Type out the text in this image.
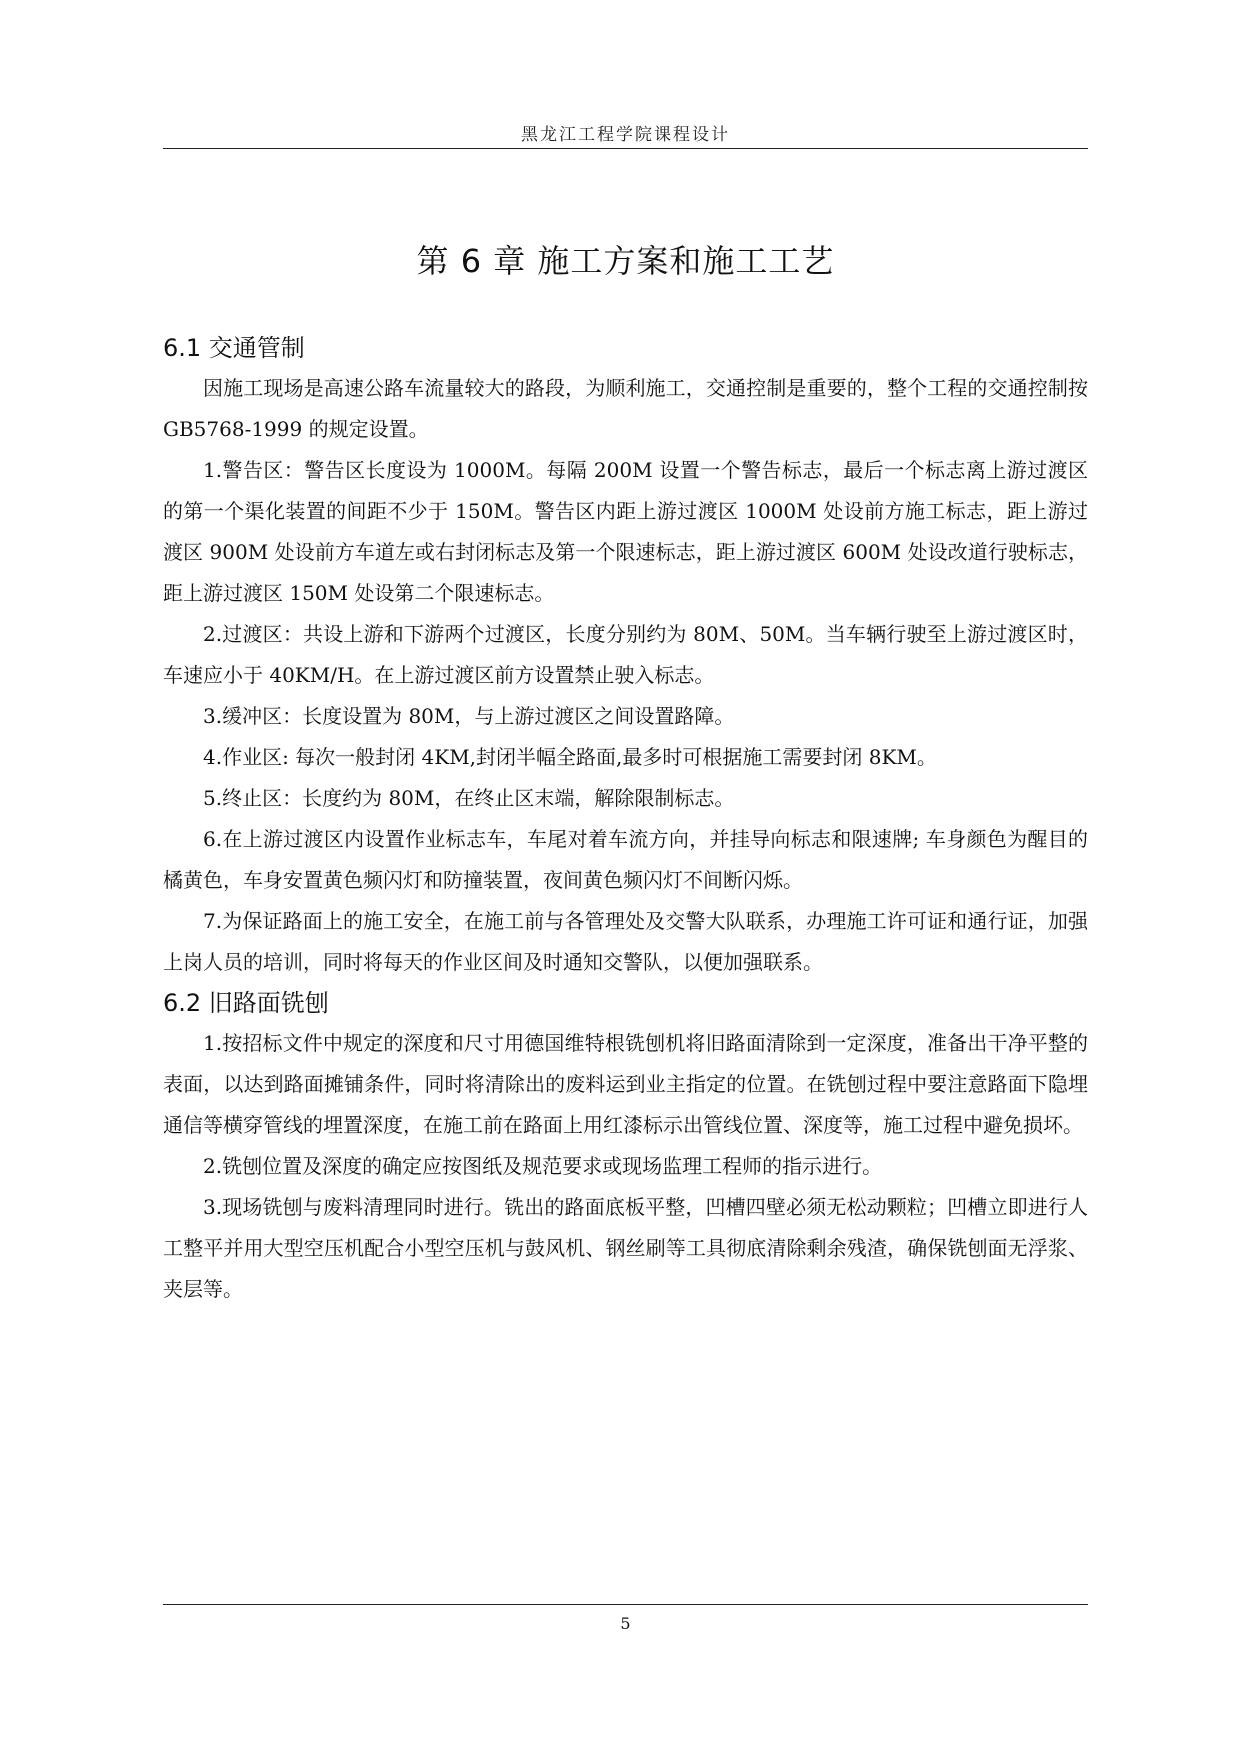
黑龙江工程学院课程设计
第 6 章 施工方案和施工工艺
6.1 交通管制

因施工现场是高速公路车流量较大的路段，为顺利施工，交通控制是重要的，整个工程的交通控制按 GB5768-1999 的规定设置。

1.警告区：警告区长度设为 1000M。每隔 200M 设置一个警告标志，最后一个标志离上游过渡区的第一个渠化装置的间距不少于 150M。警告区内距上游过渡区 1000M 处设前方施工标志，距上游过渡区 900M 处设前方车道左或右封闭标志及第一个限速标志，距上游过渡区 600M 处设改道行驶标志，距上游过渡区 150M 处设第二个限速标志。

2.过渡区：共设上游和下游两个过渡区，长度分别约为 80M、50M。当车辆行驶至上游过渡区时，车速应小于 40KM/H。在上游过渡区前方设置禁止驶入标志。

3.缓冲区：长度设置为 80M，与上游过渡区之间设置路障。

4.作业区: 每次一般封闭 4KM,封闭半幅全路面,最多时可根据施工需要封闭 8KM。

5.终止区：长度约为 80M，在终止区末端，解除限制标志。

6.在上游过渡区内设置作业标志车，车尾对着车流方向，并挂导向标志和限速牌; 车身颜色为醒目的橘黄色，车身安置黄色频闪灯和防撞装置，夜间黄色频闪灯不间断闪烁。

7.为保证路面上的施工安全，在施工前与各管理处及交警大队联系，办理施工许可证和通行证，加强上岗人员的培训，同时将每天的作业区间及时通知交警队，以便加强联系。

6.2 旧路面铣刨

1.按招标文件中规定的深度和尺寸用德国维特根铣刨机将旧路面清除到一定深度，准备出干净平整的表面，以达到路面摊铺条件，同时将清除出的废料运到业主指定的位置。在铣刨过程中要注意路面下隐埋通信等横穿管线的埋置深度，在施工前在路面上用红漆标示出管线位置、深度等，施工过程中避免损坏。

2.铣刨位置及深度的确定应按图纸及规范要求或现场监理工程师的指示进行。

3.现场铣刨与废料清理同时进行。铣出的路面底板平整，凹槽四壁必须无松动颗粒；凹槽立即进行人工整平并用大型空压机配合小型空压机与鼓风机、钢丝刷等工具彻底清除剩余残渣，确保铣刨面无浮浆、夹层等。

5
